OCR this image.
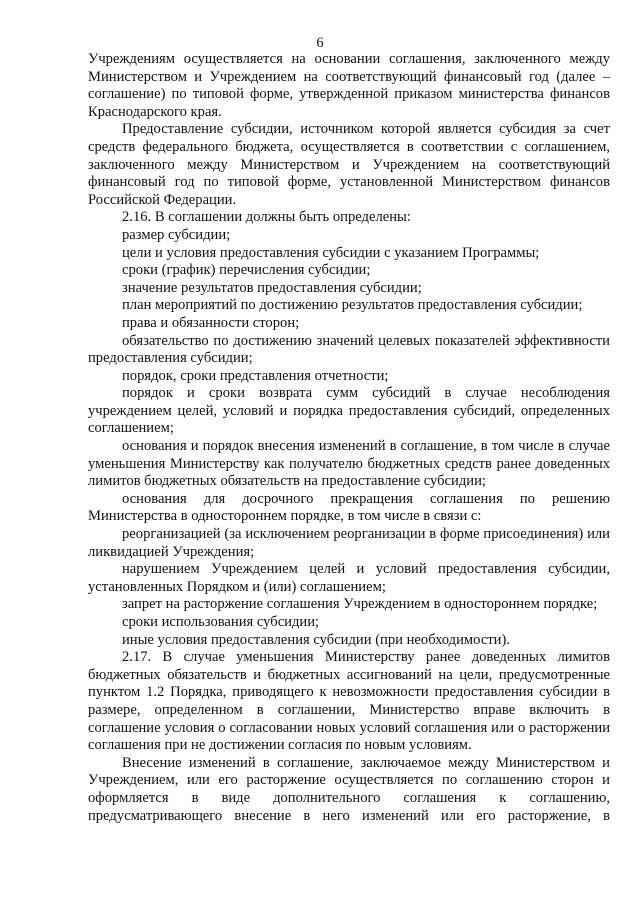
6

Учреждениям осуществляется на основании соглашения, заключенного между Министерством и Учреждением на соответствующий финансовый год (далее – соглашение) по типовой форме, утвержденной приказом министерства финансов Краснодарского края.

Предоставление субсидии, источником которой является субсидия за счет средств федерального бюджета, осуществляется в соответствии с соглашением, заключенного между Министерством и Учреждением на соответствующий финансовый год по типовой форме, установленной Министерством финансов Российской Федерации.

2.16. В соглашении должны быть определены:

размер субсидии;

цели и условия предоставления субсидии с указанием Программы;

сроки (график) перечисления субсидии;

значение результатов предоставления субсидии;

план мероприятий по достижению результатов предоставления субсидии;

права и обязанности сторон;

обязательство по достижению значений целевых показателей эффективности предоставления субсидии;

порядок, сроки представления отчетности;

порядок и сроки возврата сумм субсидий в случае несоблюдения учреждением целей, условий и порядка предоставления субсидий, определенных соглашением;

основания и порядок внесения изменений в соглашение, в том числе в случае уменьшения Министерству как получателю бюджетных средств ранее доведенных лимитов бюджетных обязательств на предоставление субсидии;

основания для досрочного прекращения соглашения по решению Министерства в одностороннем порядке, в том числе в связи с:

реорганизацией (за исключением реорганизации в форме присоединения) или ликвидацией Учреждения;

нарушением Учреждением целей и условий предоставления субсидии, установленных Порядком и (или) соглашением;

запрет на расторжение соглашения Учреждением в одностороннем порядке;

сроки использования субсидии;

иные условия предоставления субсидии (при необходимости).

2.17. В случае уменьшения Министерству ранее доведенных лимитов бюджетных обязательств и бюджетных ассигнований на цели, предусмотренные пунктом 1.2 Порядка, приводящего к невозможности предоставления субсидии в размере, определенном в соглашении, Министерство вправе включить в соглашение условия о согласовании новых условий соглашения или о расторжении соглашения при не достижении согласия по новым условиям.

Внесение изменений в соглашение, заключаемое между Министерством и Учреждением, или его расторжение осуществляется по соглашению сторон и оформляется в виде дополнительного соглашения к соглашению, предусматривающего внесение в него изменений или его расторжение, в
